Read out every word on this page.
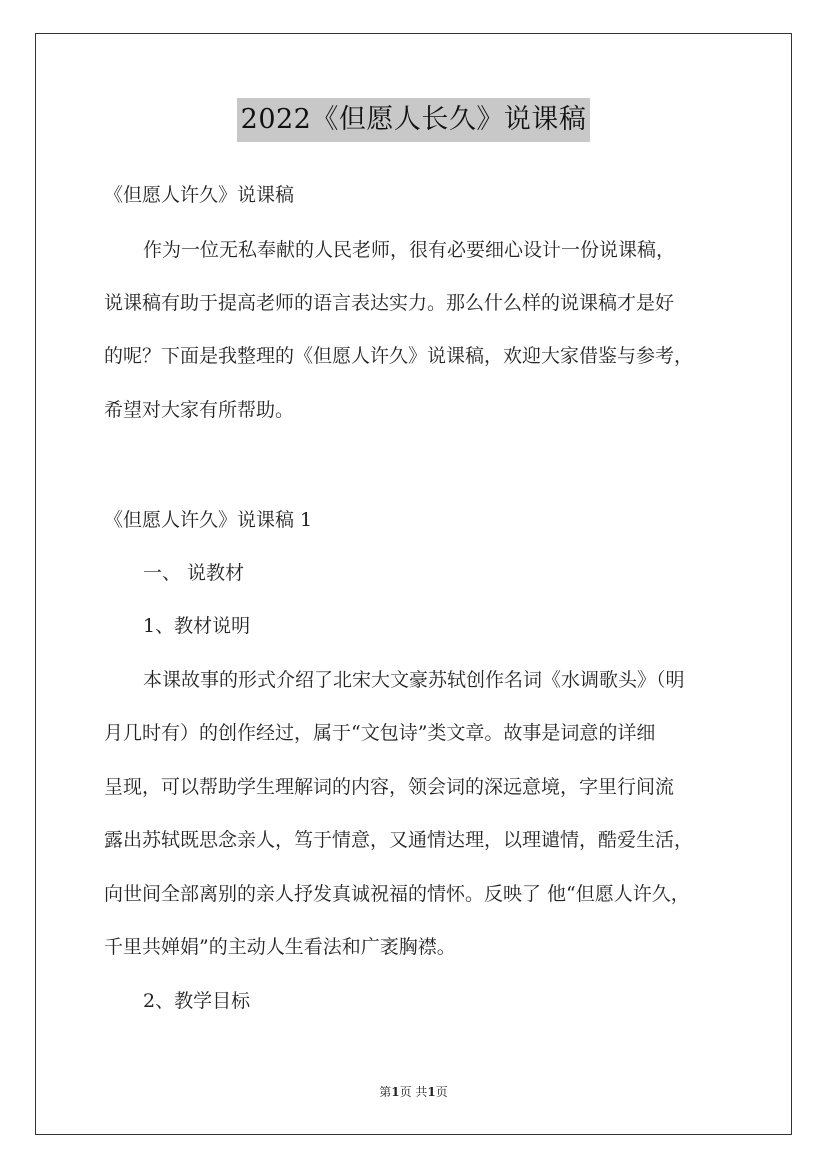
2022《但愿人长久》说课稿
《但愿人许久》说课稿
作为一位无私奉献的人民老师，很有必要细心设计一份说课稿，
说课稿有助于提高老师的语言表达实力。那么什么样的说课稿才是好
的呢？下面是我整理的《但愿人许久》说课稿，欢迎大家借鉴与参考，
希望对大家有所帮助。
《但愿人许久》说课稿 1
一、 说教材
1、教材说明
本课故事的形式介绍了北宋大文豪苏轼创作名词《水调歌头》（明
月几时有）的创作经过，属于“文包诗”类文章。故事是词意的详细
呈现，可以帮助学生理解词的内容，领会词的深远意境，字里行间流
露出苏轼既思念亲人，笃于情意，又通情达理，以理谴情，酷爱生活，
向世间全部离别的亲人抒发真诚祝福的情怀。反映了 他“但愿人许久，
千里共婵娟”的主动人生看法和广袤胸襟。
2、教学目标
第1页 共1页
